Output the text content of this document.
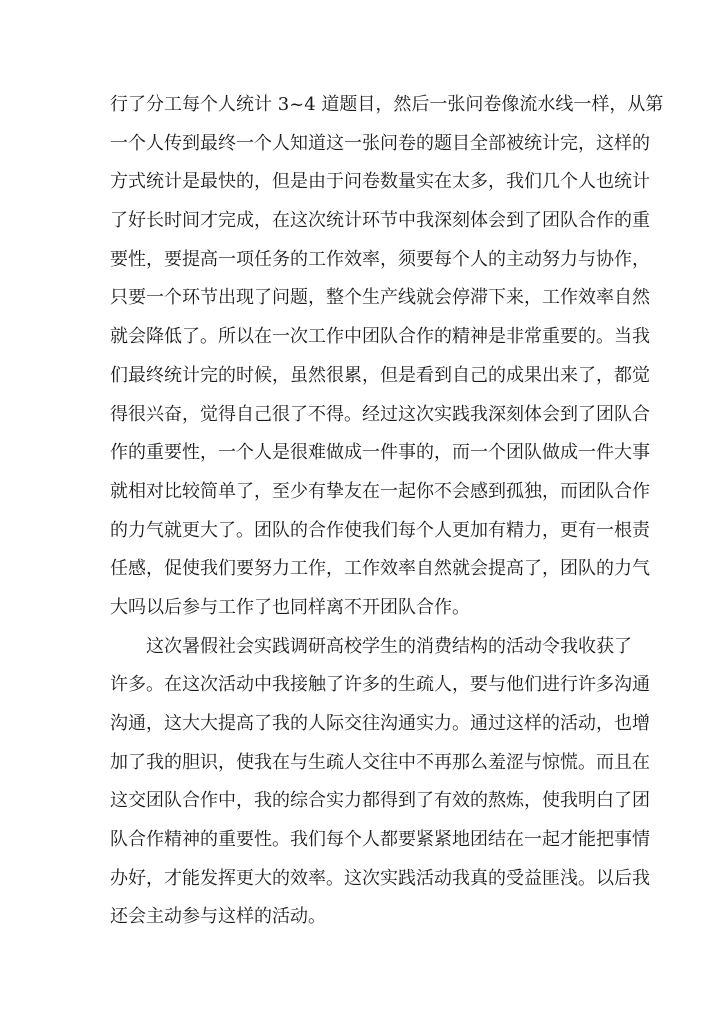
行了分工每个人统计 3~4 道题目，然后一张问卷像流水线一样，从第
一个人传到最终一个人知道这一张问卷的题目全部被统计完，这样的
方式统计是最快的，但是由于问卷数量实在太多，我们几个人也统计
了好长时间才完成，在这次统计环节中我深刻体会到了团队合作的重
要性，要提高一项任务的工作效率，须要每个人的主动努力与协作，
只要一个环节出现了问题，整个生产线就会停滞下来，工作效率自然
就会降低了。所以在一次工作中团队合作的精神是非常重要的。当我
们最终统计完的时候，虽然很累，但是看到自己的成果出来了，都觉
得很兴奋，觉得自己很了不得。经过这次实践我深刻体会到了团队合
作的重要性，一个人是很难做成一件事的，而一个团队做成一件大事
就相对比较简单了，至少有挚友在一起你不会感到孤独，而团队合作
的力气就更大了。团队的合作使我们每个人更加有精力，更有一根责
任感，促使我们要努力工作，工作效率自然就会提高了，团队的力气
大吗以后参与工作了也同样离不开团队合作。
这次暑假社会实践调研高校学生的消费结构的活动令我收获了
许多。在这次活动中我接触了许多的生疏人，要与他们进行许多沟通
沟通，这大大提高了我的人际交往沟通实力。通过这样的活动，也增
加了我的胆识，使我在与生疏人交往中不再那么羞涩与惊慌。而且在
这交团队合作中，我的综合实力都得到了有效的熬炼，使我明白了团
队合作精神的重要性。我们每个人都要紧紧地团结在一起才能把事情
办好，才能发挥更大的效率。这次实践活动我真的受益匪浅。以后我
还会主动参与这样的活动。
